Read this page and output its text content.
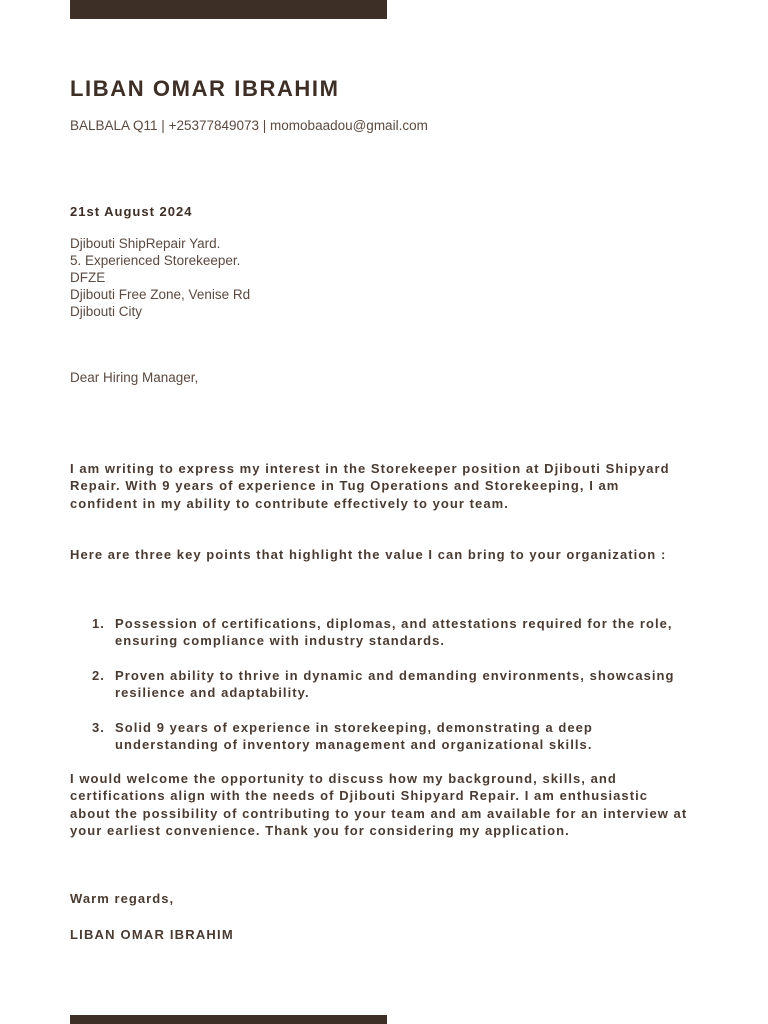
LIBAN OMAR IBRAHIM
BALBALA Q11 | +25377849073 | momobaadou@gmail.com
21st August 2024
Djibouti ShipRepair Yard.
5. Experienced Storekeeper.
DFZE
Djibouti Free Zone, Venise Rd
Djibouti City
Dear Hiring Manager,

I am writing to express my interest in the Storekeeper position at Djibouti Shipyard Repair. With 9 years of experience in Tug Operations and Storekeeping, I am confident in my ability to contribute effectively to your team.

Here are three key points that highlight the value I can bring to your organization :

1. Possession of certifications, diplomas, and attestations required for the role, ensuring compliance with industry standards.
2. Proven ability to thrive in dynamic and demanding environments, showcasing resilience and adaptability.
3. Solid 9 years of experience in storekeeping, demonstrating a deep understanding of inventory management and organizational skills.

I would welcome the opportunity to discuss how my background, skills, and certifications align with the needs of Djibouti Shipyard Repair. I am enthusiastic about the possibility of contributing to your team and am available for an interview at your earliest convenience. Thank you for considering my application.

Warm regards,
LIBAN OMAR IBRAHIM
